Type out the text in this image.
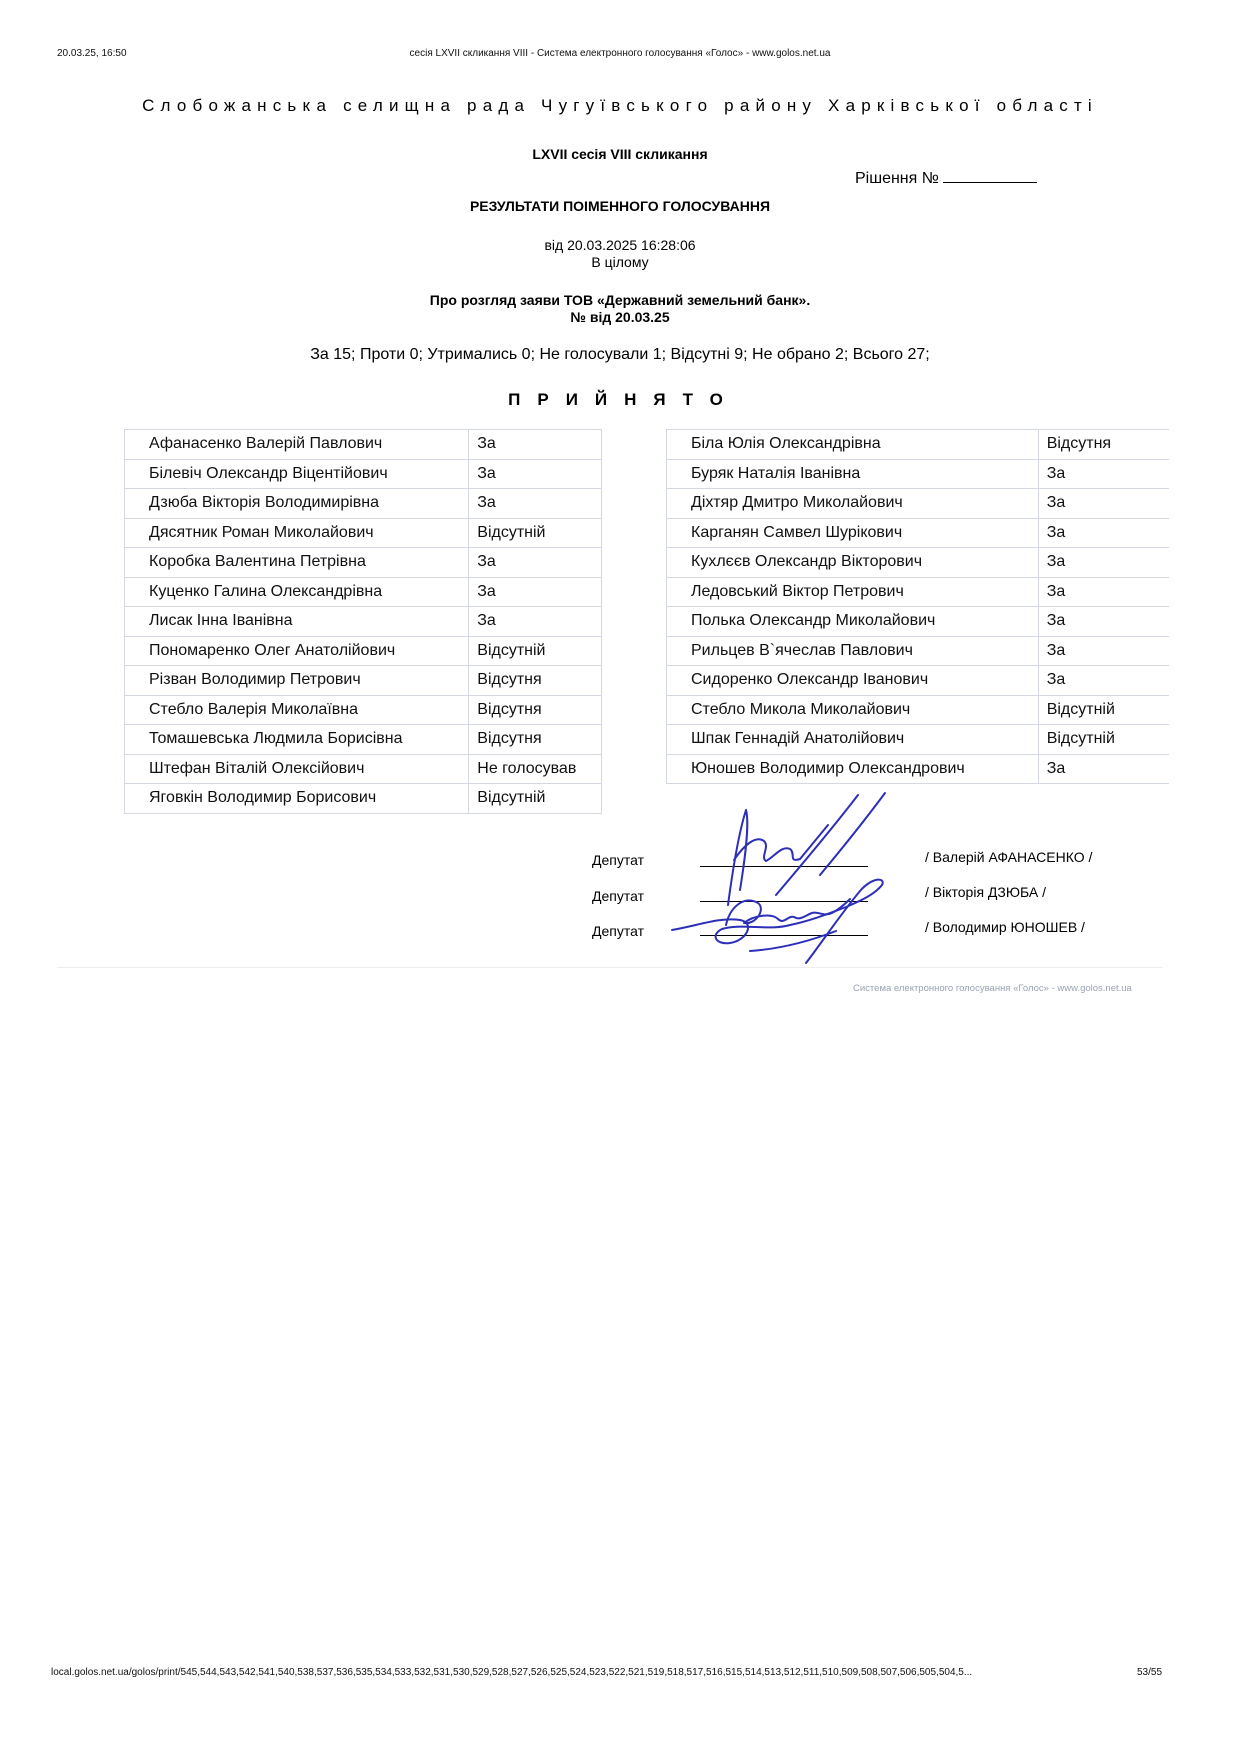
20.03.25, 16:50	сесія LXVII скликання VIII - Система електронного голосування «Голос» - www.golos.net.ua
Слобожанська селищна рада Чугуївського району Харківської області
LXVII сесія VIII скликання
Рішення №
РЕЗУЛЬТАТИ ПОІМЕННОГО ГОЛОСУВАННЯ
від 20.03.2025 16:28:06
В цілому
Про розгляд заяви ТОВ «Державний земельний банк».
№ від 20.03.25
За 15; Проти 0; Утримались 0; Не голосували 1; Відсутні 9; Не обрано 2; Всього 27;
ПРИЙНЯТО
Афанасенко Валерій Павлович	За
Білевіч Олександр Віцентійович	За
Дзюба Вікторія Володимирівна	За
Дясятник Роман Миколайович	Відсутній
Коробка Валентина Петрівна	За
Куценко Галина Олександрівна	За
Лисак Інна Іванівна	За
Пономаренко Олег Анатолійович	Відсутній
Різван Володимир Петрович	Відсутня
Стебло Валерія Миколаївна	Відсутня
Томашевська Людмила Борисівна	Відсутня
Штефан Віталій Олексійович	Не голосував
Яговкін Володимир Борисович	Відсутній
Біла Юлія Олександрівна	Відсутня
Буряк Наталія Іванівна	За
Діхтяр Дмитро Миколайович	За
Карганян Самвел Шурікович	За
Кухлєєв Олександр Вікторович	За
Ледовський Віктор Петрович	За
Полька Олександр Миколайович	За
Рильцев В`ячеслав Павлович	За
Сидоренко Олександр Іванович	За
Стебло Микола Миколайович	Відсутній
Шпак Геннадій Анатолійович	Відсутній
Юношев Володимир Олександрович	За
Депутат	/ Валерій АФАНАСЕНКО /
Депутат	/ Вікторія ДЗЮБА /
Депутат	/ Володимир ЮНОШЕВ /
Система електронного голосування «Голос» - www.golos.net.ua
local.golos.net.ua/golos/print/545,544,543,542,541,540,538,537,536,535,534,533,532,531,530,529,528,527,526,525,524,523,522,521,519,518,517,516,515,514,513,512,511,510,509,508,507,506,505,504,5...	53/55
